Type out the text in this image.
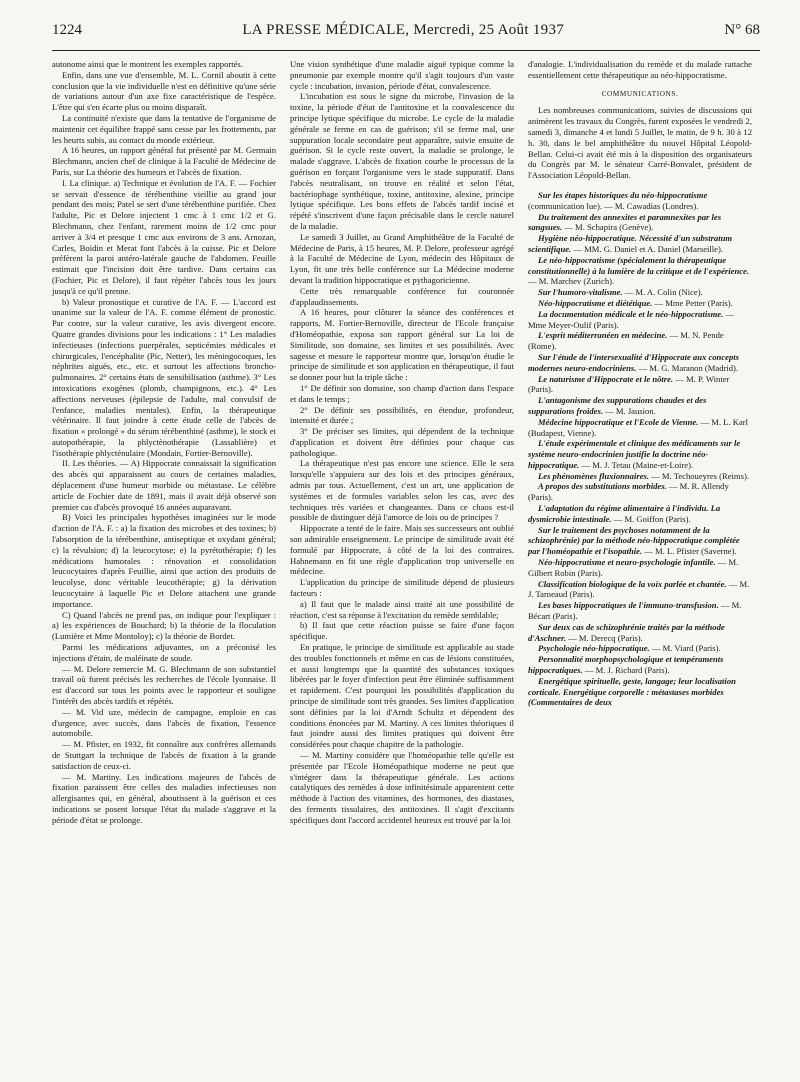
1224	LA PRESSE MÉDICALE, Mercredi, 25 Août 1937	N° 68

autonome ainsi que le montrent les exemples rapportés.

Enfin, dans une vue d'ensemble, M. L. Cornil aboutit à cette conclusion que la vie individuelle n'est en définitive qu'une série de variations autour d'un axe fixe caractéristique de l'espèce. L'être qui s'en écarte plus ou moins disparaît.

La continuité n'existe que dans la tentative de l'organisme de maintenir cet équilibre frappé sans cesse par les frottements, par les heurts subis, au contact du monde extérieur.

A 16 heures, un rapport général fut présenté par M. Germain Blechmann, ancien chef de clinique à la Faculté de Médecine de Paris, sur La théorie des humeurs et l'abcès de fixation.

I. La clinique. a) Technique et évolution de l'A. F. — Fochier se servait d'essence de térébenthine vieillie au grand jour pendant des mois; Patel se sert d'une térébenthine purifiée. Chez l'adulte, Pic et Delore injectent 1 cmc à 1 cmc 1/2 et G. Blechmann, chez l'enfant, rarement moins de 1/2 cmc pour arriver à 3/4 et presque 1 cmc aux environs de 3 ans. Arnozan, Carles, Boidin et Merat font l'abcès à la cuisse. Pic et Delore préfèrent la paroi antéro-latérale gauche de l'abdomen. Feuille estimait que l'incision doit être tardive. Dans certains cas (Fochier, Pic et Delore), il faut répéter l'abcès tous les jours jusqu'à ce qu'il prenne.

b) Valeur pronostique et curative de l'A. F. — L'accord est unanime sur la valeur de l'A. F. comme élément de pronostic. Par contre, sur la valeur curative, les avis divergent encore. Quatre grandes divisions pour les indications : 1° Les maladies infectieuses (infections puerpérales, septicémies médicales et chirurgicales, l'encéphalite (Pic, Netter), les méningocoques, les néphrites aiguës, etc., etc. et surtout les affections broncho-pulmonaires. 2° certains états de sensibilisation (asthme). 3° Les intoxications exogènes (plomb, champignons, etc.). 4° Les affections nerveuses (épilepsie de l'adulte, mal convulsif de l'enfance, maladies mentales). Enfin, la thérapeutique vétérinaire. Il faut joindre à cette étude celle de l'abcès de fixation « prolongé » du sérum térébenthiné (asthme), le stock et autopothérapie, la phlyctènothérapie (Lassablière) et l'isothérapie phlycténulaire (Mondain, Fortier-Bernoville).

II. Les théories. — A) Hippocrate connaissait la signification des abcès qui apparaissent au cours de certaines maladies, déplacement d'une humeur morbide ou métastase. Le célèbre article de Fochier date de 1891, mais il avait déjà observé son premier cas d'abcès provoqué 16 années auparavant.

B) Voici les principales hypothèses imaginées sur le mode d'action de l'A. F. : a) la fixation des microbes et des toxines; b) l'absorption de la térébenthine, antiseptique et oxydant général; c) la révulsion; d) la leucocytose; e) la pyrétothérapie; f) les médications humorales : rénovation et consolidation leucocytaires d'après Feuillie, ainsi que action des produits de leucolyse, donc véritable leucothérapie; g) la dérivation leucocytaire à laquelle Pic et Delore attachent une grande importance.

C) Quand l'abcès ne prend pas, on indique pour l'expliquer : a) les expériences de Bouchard; b) la théorie de la floculation (Lumière et Mme Montoloy); c) la théorie de Bordet.

Parmi les médications adjuvantes, on a préconisé les injections d'étain, de maléinate de soude.

— M. Delore remercie M. G. Blechmann de son substantiel travail où furent précisés les recherches de l'école lyonnaise. Il est d'accord sur tous les points avec le rapporteur et souligne l'intérêt des abcès tardifs et répétés.

— M. Vid uze, médecin de campagne, emploie en cas d'urgence, avec succès, dans l'abcès de fixation, l'essence automobile.

— M. Pfister, en 1932, fit connaître aux confrères allemands de Stuttgart la technique de l'abcès de fixation à la grande satisfaction de ceux-ci.

— M. Martiny. Les indications majeures de l'abcès de fixation paraissent être celles des maladies infectieuses non allergisantes qui, en général, aboutissent à la guérison et ces indications se posent lorsque l'état du malade s'aggrave et la période d'état se prolonge.

Une vision synthétique d'une maladie aiguë typique comme la pneumonie par exemple montre qu'il s'agit toujours d'un vaste cycle : incubation, invasion, période d'état, convalescence.

L'incubation est sous le signe du microbe, l'invasion de la toxine, la période d'état de l'antitoxine et la convalescence du principe lytique spécifique du microbe. Le cycle de la maladie générale se ferme en cas de guérison; s'il se ferme mal, une suppuration locale secondaire peut apparaître, suivie ensuite de guérison. Si le cycle reste ouvert, la maladie se prolonge, le malade s'aggrave. L'abcès de fixation courbe le processus de la guérison en forçant l'organisme vers le stade suppuratif. Dans l'abcès neutralisant, on trouve en réalité et selon l'état, bactériophage synthétique, toxine, antitoxine, alexine, principe lytique spécifique. Les bons effets de l'abcès tardif incisé et répété s'inscrivent d'une façon précisable dans le cercle naturel de la maladie.

Le samedi 3 Juillet, au Grand Amphithéâtre de la Faculté de Médecine de Paris, à 15 heures, M. P. Delore, professeur agrégé à la Faculté de Médecine de Lyon, médecin des Hôpitaux de Lyon, fit une très belle conférence sur La Médecine moderne devant la tradition hippocratique et pythagoricienne.

Cette très remarquable conférence fut couronnée d'applaudissements.

A 16 heures, pour clôturer la séance des conférences et rapports, M. Fortier-Bernoville, directeur de l'Ecole française d'Homéopathie, exposa son rapport général sur La loi de Similitude, son domaine, ses limites et ses possibilités. Avec sagesse et mesure le rapporteur montre que, lorsqu'on étudie le principe de similitude et son application en thérapeutique, il faut se donner pour but la triple tâche :

1° De définir son domaine, son champ d'action dans l'espace et dans le temps ;

2° De définir ses possibilités, en étendue, profondeur, intensité et durée ;

3° De préciser ses limites, qui dépendent de la technique d'application et doivent être définies pour chaque cas pathologique.

La thérapeutique n'est pas encore une science. Elle le sera lorsqu'elle s'appuiera sur des lois et des principes généraux, admis par tous. Actuellement, c'est un art, une application de systèmes et de formules variables selon les cas, avec des techniques très variées et changeantes. Dans ce chaos est-il possible de distinguer déjà l'amorce de lois ou de principes ?

Hippocrate a tenté de le faire. Mais ses successeurs ont oublié son admirable enseignement. Le principe de similitude avait été formulé par Hippocrate, à côté de la loi des contraires. Hahnemann en fit une règle d'application trop universelle en médecine.

L'application du principe de similitude dépend de plusieurs facteurs :

a) Il faut que le malade ainsi traité ait une possibilité de réaction, c'est sa réponse à l'excitation du remède semblable;

b) Il faut que cette réaction puisse se faire d'une façon spécifique.

En pratique, le principe de similitude est applicable au stade des troubles fonctionnels et même en cas de lésions constituées, et aussi longtemps que la quantité des substances toxiques libérées par le foyer d'infection peut être éliminée suffisamment et rapidement. C'est pourquoi les possibilités d'application du principe de similitude sont très grandes. Ses limites d'application sont définies par la loi d'Arndt Schultz et dépendent des conditions énoncées par M. Martiny. A ces limites théoriques il faut joindre aussi des limites pratiques qui doivent être considérées pour chaque chapitre de la pathologie.

— M. Martiny considère que l'homéopathie telle qu'elle est présentée par l'Ecole Homéopathique moderne ne peut que s'intégrer dans la thérapeutique générale. Les actions catalytiques des remèdes à dose infinitésimale apparentent cette méthode à l'action des vitamines, des hormones, des diastases, des ferments tissulaires, des antitoxines. Il s'agit d'excitants spécifiques dont l'accord accidentel heureux est trouvé par la loi

d'analogie. L'individualisation du remède et du malade rattache essentiellement cette thérapeutique au néo-hippocratisme.

COMMUNICATIONS.

Les nombreuses communications, suivies de discussions qui animèrent les travaux du Congrès, furent exposées le vendredi 2, samedi 3, dimanche 4 et lundi 5 Juillet, le matin, de 9 h. 30 à 12 h. 30, dans le bel amphithéâtre du nouvel Hôpital Léopold-Bellan. Celui-ci avait été mis à la disposition des organisateurs du Congrès par M. le sénateur Carré-Bonvalet, président de l'Association Léopold-Bellan.

Sur les étapes historiques du néo-hippocratisme (communication lue). — M. Cawadias (Londres).

Du traitement des annexites et paramnexites par les sangsues. — M. Schapira (Genève).

Hygiène néo-hippocratique. Nécessité d'un substratum scientifique. — MM. G. Daniel et A. Daniel (Marseille).

Le néo-hippocratisme (spécialement la thérapeutique constitutionnelle) à la lumière de la critique et de l'expérience. — M. Marchev (Zurich).

Sur l'humoro-vitalisme. — M. A. Colin (Nice).

Néo-hippocratisme et diététique. — Mme Petter (Paris).

La documentation médicale et le néo-hippocratisme. — Mme Meyer-Oulif (Paris).

L'esprit méditerranéen en médecine. — M. N. Pende (Rome).

Sur l'étude de l'intersexualité d'Hippocrate aux concepts modernes neuro-endocriniens. — M. G. Maranon (Madrid).

Le naturisme d'Hippocrate et le nôtre. — M. P. Winter (Paris).

L'antagonisme des suppurations chaudes et des suppurations froides. — M. Jausion.

Médecine hippocratique et l'Ecole de Vienne. — M. L. Karl (Budapest, Vienne).

L'étude expérimentale et clinique des médicaments sur le système neuro-endocrinien justifie la doctrine néo-hippocratique. — M. J. Tetau (Maine-et-Loire).

Les phénomènes fluxionnaires. — M. Techoueyres (Reims).

A propos des substitutions morbides. — M. R. Allendy (Paris).

L'adaptation du régime alimentaire à l'individu. La dysmicrobie intestinale. — M. Goiffon (Paris).

Sur le traitement des psychoses notamment de la schizophrénie) par la méthode néo-hippocratique complétée par l'homéopathie et l'isopathie. — M. L. Pfister (Saverne).

Néo-hippocratisme et neuro-psychologie infantile. — M. Gilbert Robin (Paris).

Classification biologique de la voix parlée et chantée. — M. J. Tarneaud (Paris).

Les bases hippocratiques de l'immuno-transfusion. — M. Bécart (Paris).

Sur deux cas de schizophrénie traités par la méthode d'Aschner. — M. Derecq (Paris).

Psychologie néo-hippocratique. — M. Viard (Paris).

Personnalité morphopsychologique et tempéraments hippocratiques. — M. J. Richard (Paris).

Energétique spirituelle, geste, langage; leur localisation corticale. Energétique corporelle : métastases morbides (Commentaires de deux
